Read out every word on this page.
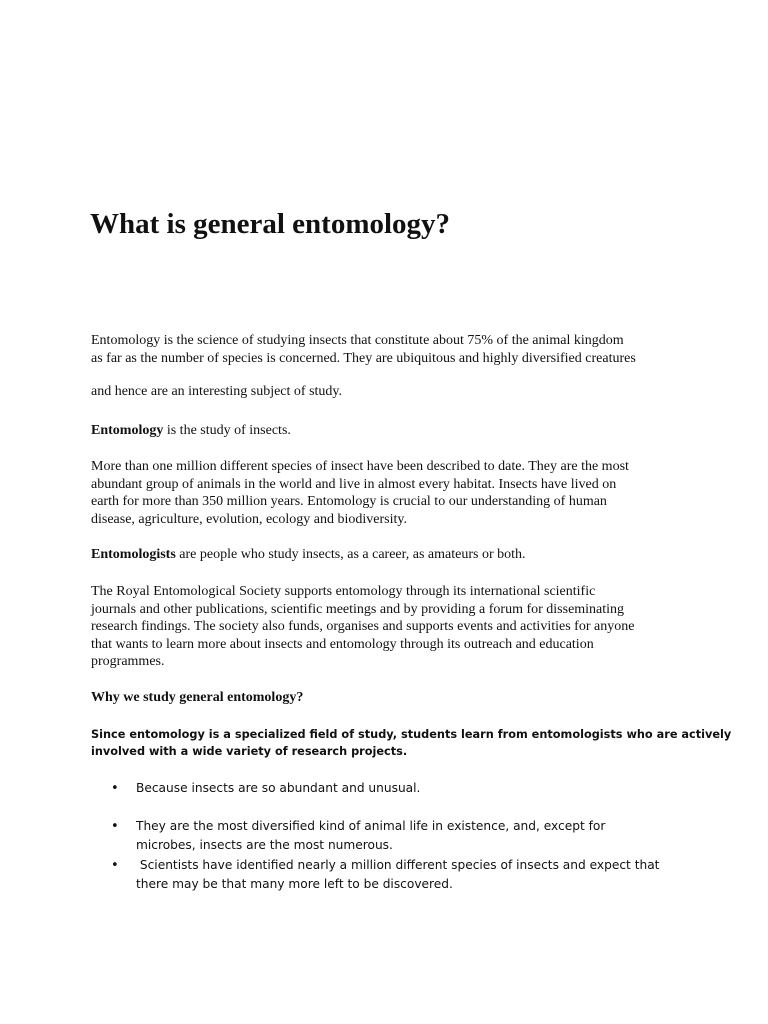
What is general entomology?

Entomology is the science of studying insects that constitute about 75% of the animal kingdom
as far as the number of species is concerned. They are ubiquitous and highly diversified creatures

and hence are an interesting subject of study.

Entomology is the study of insects.

More than one million different species of insect have been described to date. They are the most
abundant group of animals in the world and live in almost every habitat. Insects have lived on
earth for more than 350 million years. Entomology is crucial to our understanding of human
disease, agriculture, evolution, ecology and biodiversity.

Entomologists are people who study insects, as a career, as amateurs or both.

The Royal Entomological Society supports entomology through its international scientific
journals and other publications, scientific meetings and by providing a forum for disseminating
research findings. The society also funds, organises and supports events and activities for anyone
that wants to learn more about insects and entomology through its outreach and education
programmes.

Why we study general entomology?

Since entomology is a specialized field of study, students learn from entomologists who are actively
involved with a wide variety of research projects.

•	Because insects are so abundant and unusual.
•	They are the most diversified kind of animal life in existence, and, except for
microbes, insects are the most numerous.
•	Scientists have identified nearly a million different species of insects and expect that
there may be that many more left to be discovered.
